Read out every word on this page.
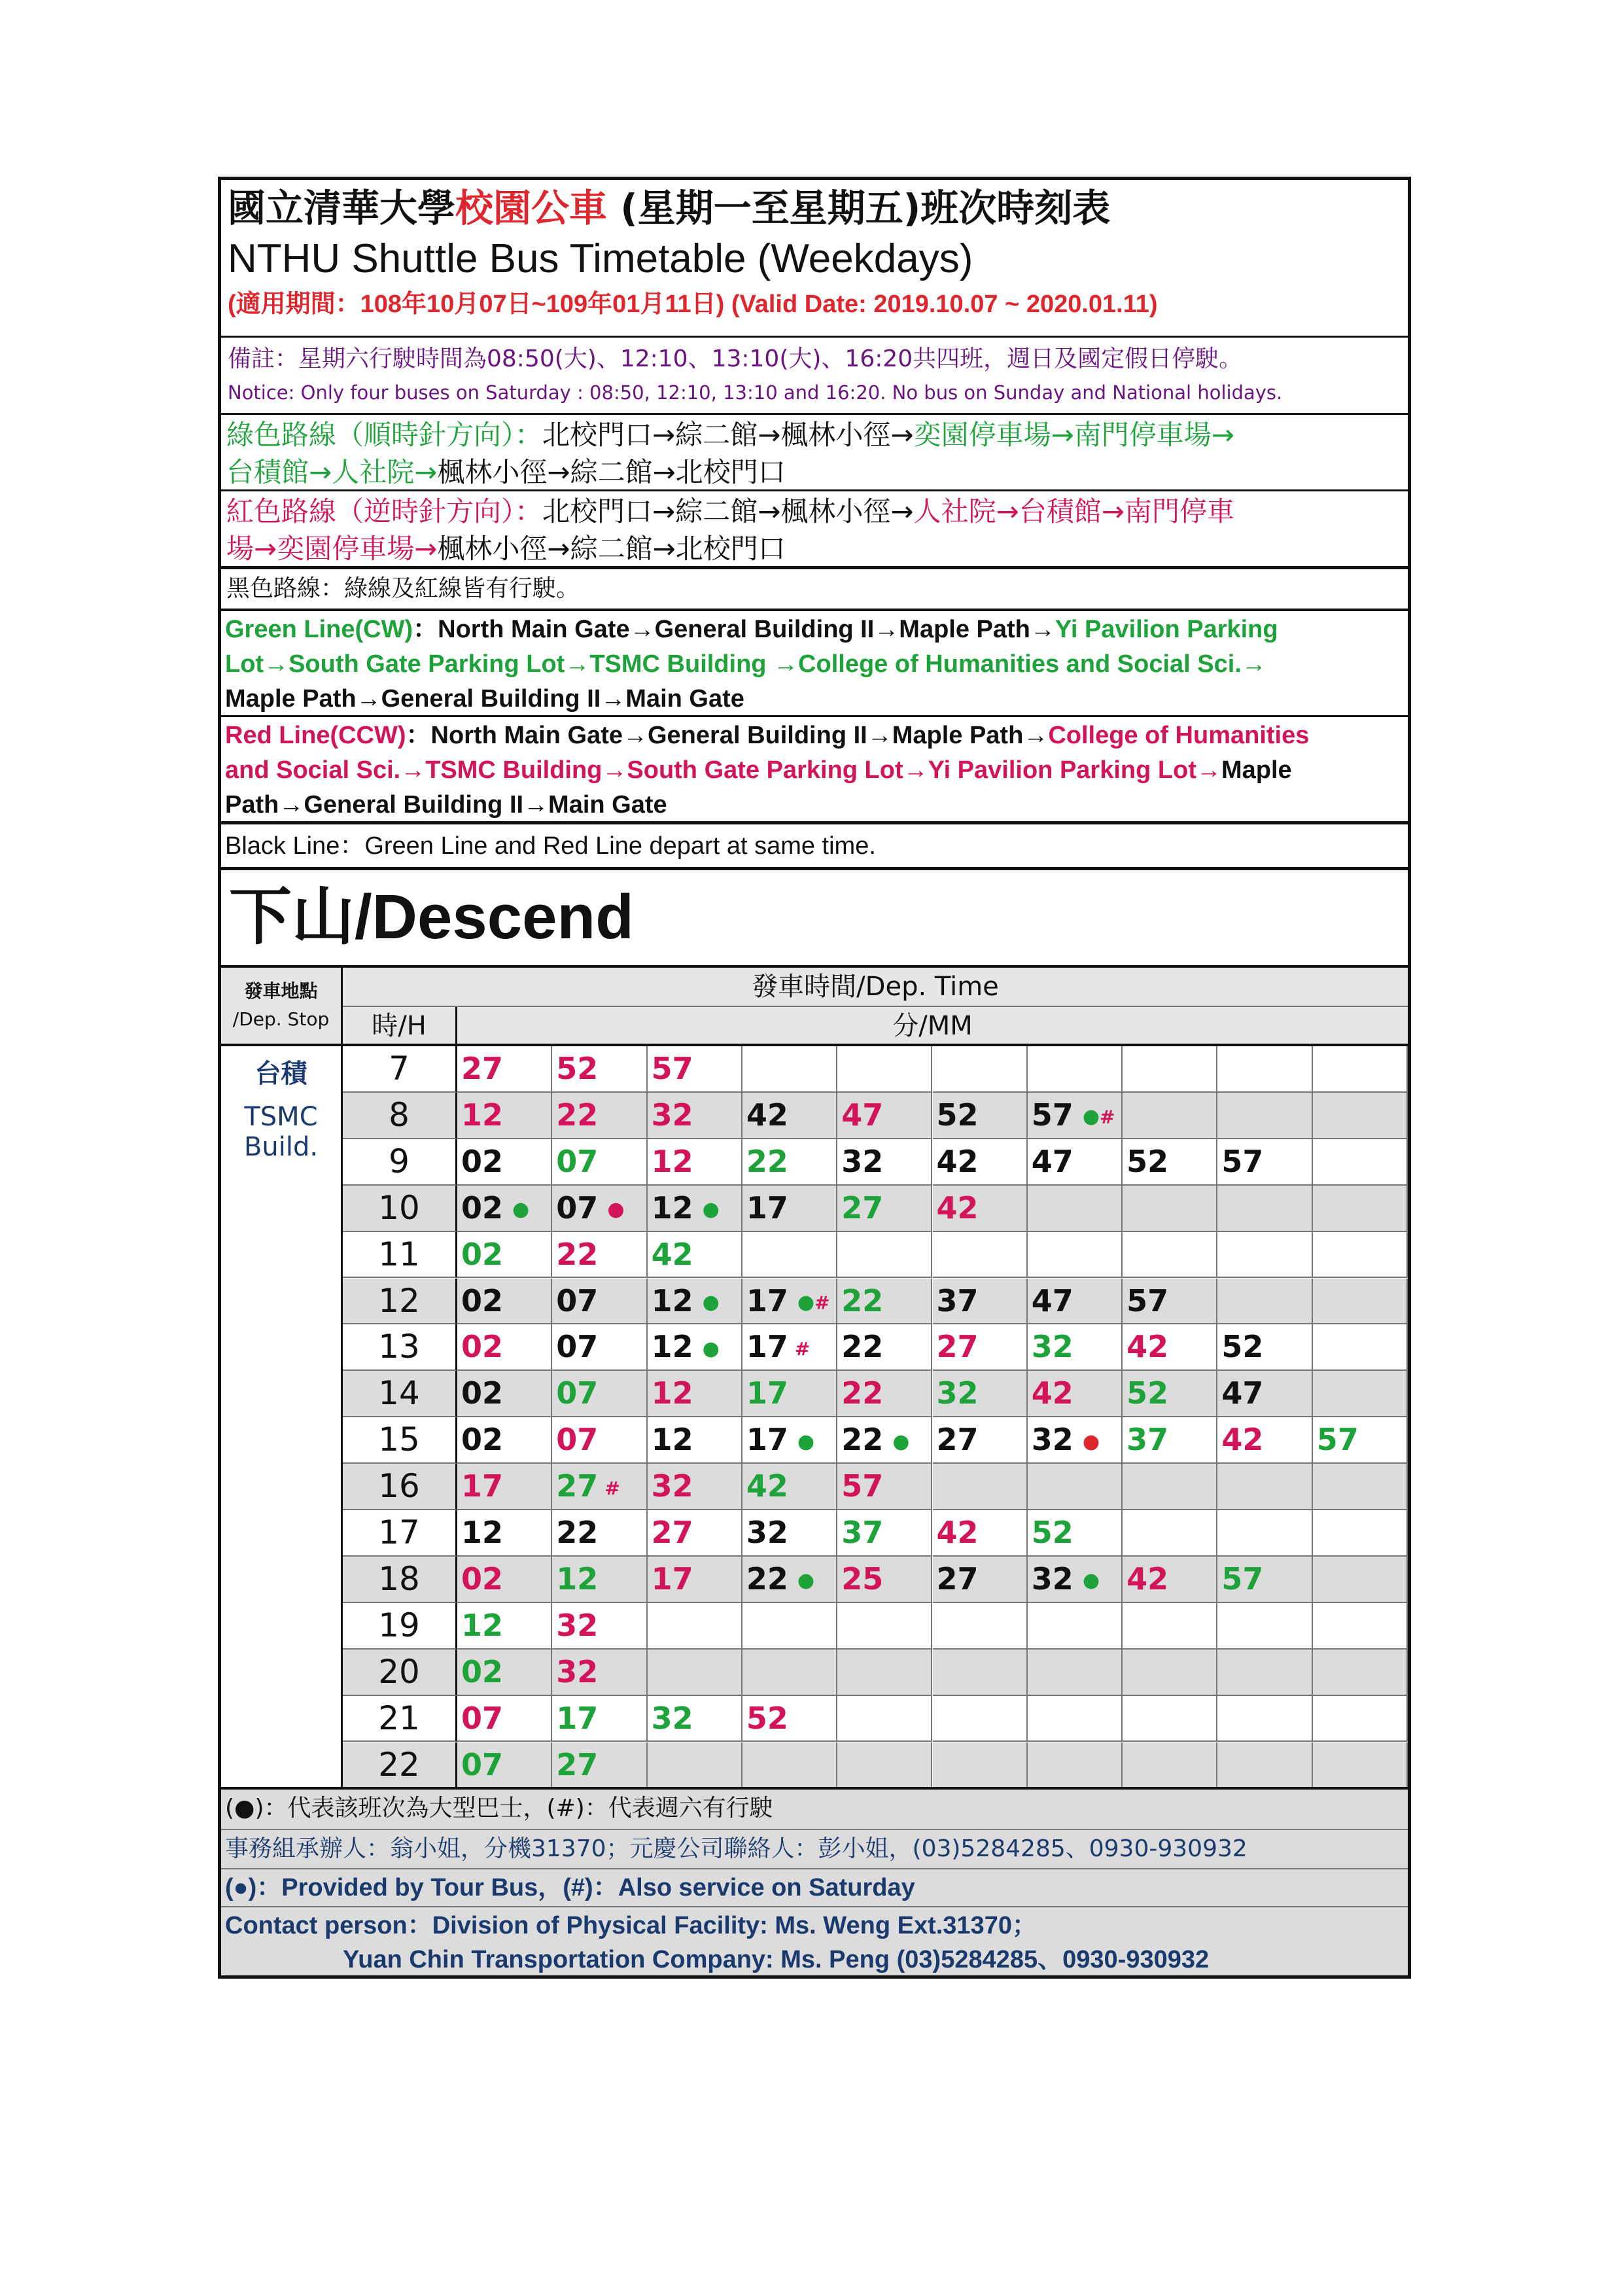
國立清華大學校園公車 (星期一至星期五)班次時刻表
NTHU Shuttle Bus Timetable (Weekdays)
(適用期間：108年10月07日~109年01月11日) (Valid Date: 2019.10.07 ~ 2020.01.11)
備註：星期六行駛時間為08:50(大)、12:10、13:10(大)、16:20共四班，週日及國定假日停駛。
Notice: Only four buses on Saturday : 08:50, 12:10, 13:10 and 16:20. No bus on Sunday and National holidays.
綠色路線（順時針方向）：北校門口→綜二館→楓林小徑→奕園停車場→南門停車場→
台積館→人社院→楓林小徑→綜二館→北校門口
紅色路線（逆時針方向）：北校門口→綜二館→楓林小徑→人社院→台積館→南門停車
場→奕園停車場→楓林小徑→綜二館→北校門口
黑色路線：綠線及紅線皆有行駛。
Green Line(CW)：North Main Gate→General Building II→Maple Path→Yi Pavilion Parking
Lot→South Gate Parking Lot→TSMC Building →College of Humanities and Social Sci.→
Maple Path→General Building II→Main Gate
Red Line(CCW)：North Main Gate→General Building II→Maple Path→College of Humanities
and Social Sci.→TSMC Building→South Gate Parking Lot→Yi Pavilion Parking Lot→Maple
Path→General Building II→Main Gate
Black Line：Green Line and Red Line depart at same time.
下山/Descend
發車地點
/Dep. Stop
發車時間/Dep. Time
時/H	分/MM
台積
TSMC
Build.
7	27	52	57
8	12	22	32	42	47	52	57 ●#
9	02	07	12	22	32	42	47	52	57
10	02 ● 07 ● 12 ● 17	27	42
11	02	22	42
12	02	07	12 ● 17 ●# 22	37	47	57
13	02	07	12 ● 17 #	22	27	32	42	52
14	02	07	12	17	22	32	42	52	47
15	02	07	12	17 ● 22 ● 27	32 ● 37	42	57
16	17	27 #	32	42	57
17	12	22	27	32	37	42	52
18	02	12	17	22 ● 25	27	32 ● 42	57
19	12	32
20	02	32
21	07	17	32	52
22	07	27
(●)：代表該班次為大型巴士，(#)：代表週六有行駛
事務組承辦人：翁小姐，分機31370；元慶公司聯絡人：彭小姐，(03)5284285、0930-930932
(●)：Provided by Tour Bus，(#)：Also service on Saturday
Contact person：Division of Physical Facility: Ms. Weng Ext.31370；
Yuan Chin Transportation Company: Ms. Peng (03)5284285、0930-930932
